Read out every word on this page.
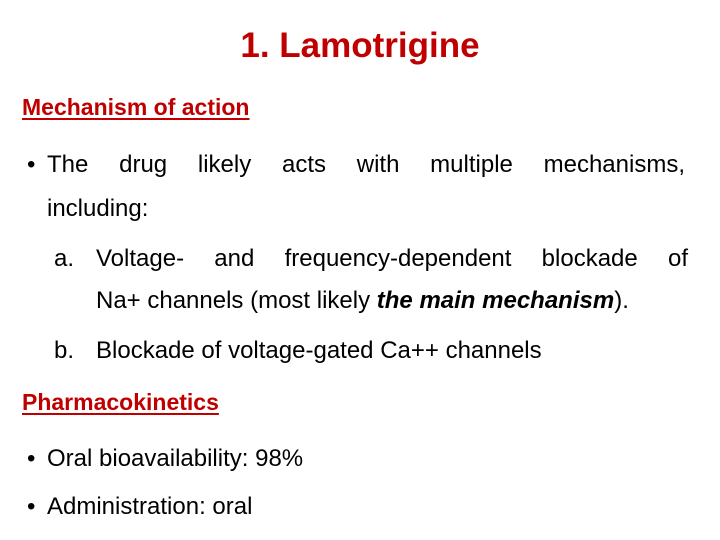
1. Lamotrigine
Mechanism of action
• The drug likely acts with multiple mechanisms,
including:
a. Voltage- and frequency-dependent blockade of
Na+ channels (most likely the main mechanism).
b. Blockade of voltage-gated Ca++ channels
Pharmacokinetics
• Oral bioavailability: 98%
• Administration: oral
